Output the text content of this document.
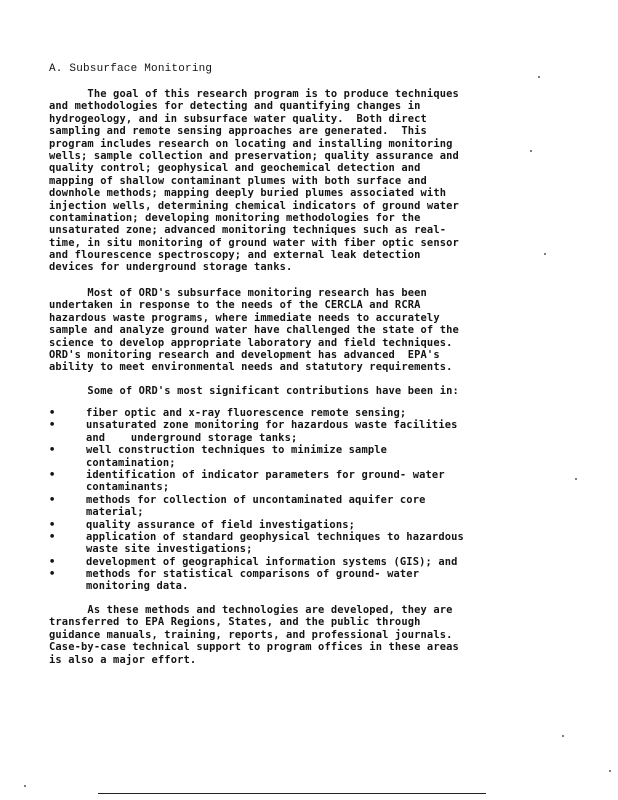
A. Subsurface Monitoring
The goal of this research program is to produce techniques
and methodologies for detecting and quantifying changes in
hydrogeology, and in subsurface water quality.  Both direct
sampling and remote sensing approaches are generated.  This
program includes research on locating and installing monitoring
wells; sample collection and preservation; quality assurance and
quality control; geophysical and geochemical detection and
mapping of shallow contaminant plumes with both surface and
downhole methods; mapping deeply buried plumes associated with
injection wells, determining chemical indicators of ground water
contamination; developing monitoring methodologies for the
unsaturated zone; advanced monitoring techniques such as real-
time, in situ monitoring of ground water with fiber optic sensor
and flourescence spectroscopy; and external leak detection
devices for underground storage tanks.
Most of ORD's subsurface monitoring research has been
undertaken in response to the needs of the CERCLA and RCRA
hazardous waste programs, where immediate needs to accurately
sample and analyze ground water have challenged the state of the
science to develop appropriate laboratory and field techniques.
ORD's monitoring research and development has advanced  EPA's
ability to meet environmental needs and statutory requirements.
Some of ORD's most significant contributions have been in:
•	fiber optic and x-ray fluorescence remote sensing;
•	unsaturated zone monitoring for hazardous waste facilities
and    underground storage tanks;
•	well construction techniques to minimize sample
contamination;
•	identification of indicator parameters for ground- water
contaminants;
•	methods for collection of uncontaminated aquifer core
material;
•	quality assurance of field investigations;
•	application of standard geophysical techniques to hazardous
waste site investigations;
•	development of geographical information systems (GIS); and
•	methods for statistical comparisons of ground- water
monitoring data.
As these methods and technologies are developed, they are
transferred to EPA Regions, States, and the public through
guidance manuals, training, reports, and professional journals.
Case-by-case technical support to program offices in these areas
is also a major effort.
